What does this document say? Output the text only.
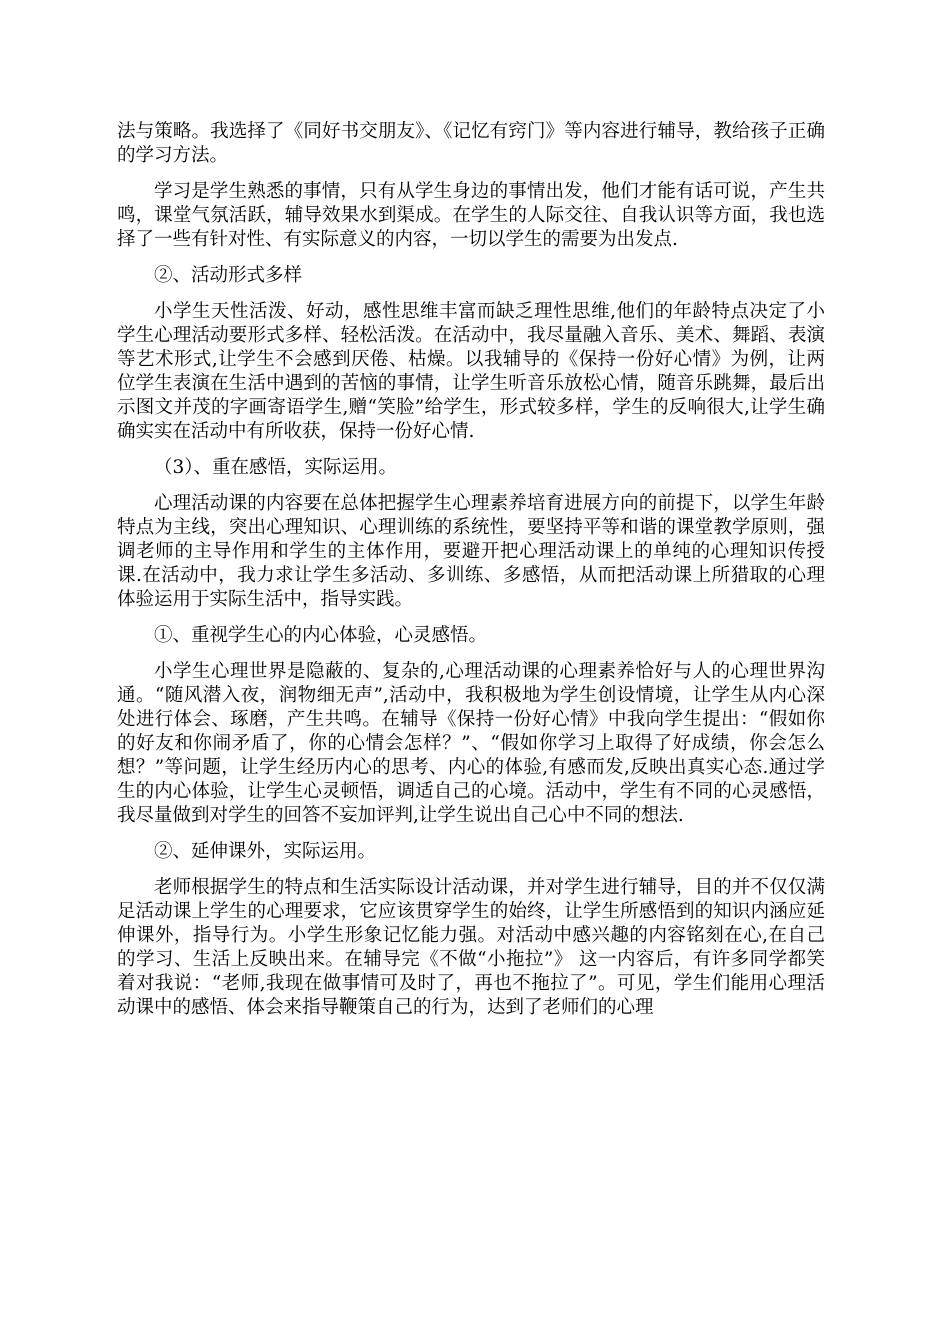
法与策略。我选择了《同好书交朋友》、《记忆有窍门》等内容进行辅导，教给孩子正确的学习方法。

学习是学生熟悉的事情，只有从学生身边的事情出发，他们才能有话可说，产生共鸣，课堂气氛活跃，辅导效果水到渠成。在学生的人际交往、自我认识等方面，我也选择了一些有针对性、有实际意义的内容，一切以学生的需要为出发点.

②、活动形式多样

小学生天性活泼、好动，感性思维丰富而缺乏理性思维,他们的年龄特点决定了小学生心理活动要形式多样、轻松活泼。在活动中，我尽量融入音乐、美术、舞蹈、表演等艺术形式,让学生不会感到厌倦、枯燥。以我辅导的《保持一份好心情》为例，让两位学生表演在生活中遇到的苦恼的事情，让学生听音乐放松心情，随音乐跳舞，最后出示图文并茂的字画寄语学生,赠“笑脸”给学生，形式较多样，学生的反响很大,让学生确确实实在活动中有所收获，保持一份好心情.

（3）、重在感悟，实际运用。

心理活动课的内容要在总体把握学生心理素养培育进展方向的前提下，以学生年龄特点为主线，突出心理知识、心理训练的系统性，要坚持平等和谐的课堂教学原则，强调老师的主导作用和学生的主体作用，要避开把心理活动课上的单纯的心理知识传授课.在活动中，我力求让学生多活动、多训练、多感悟，从而把活动课上所猎取的心理体验运用于实际生活中，指导实践。

①、重视学生心的内心体验，心灵感悟。

小学生心理世界是隐蔽的、复杂的,心理活动课的心理素养恰好与人的心理世界沟通。“随风潜入夜，润物细无声”,活动中，我积极地为学生创设情境，让学生从内心深处进行体会、琢磨，产生共鸣。在辅导《保持一份好心情》中我向学生提出：“假如你的好友和你闹矛盾了，你的心情会怎样？”、“假如你学习上取得了好成绩，你会怎么想？”等问题，让学生经历内心的思考、内心的体验,有感而发,反映出真实心态.通过学生的内心体验，让学生心灵顿悟，调适自己的心境。活动中，学生有不同的心灵感悟，我尽量做到对学生的回答不妄加评判,让学生说出自己心中不同的想法.

②、延伸课外，实际运用。

老师根据学生的特点和生活实际设计活动课，并对学生进行辅导，目的并不仅仅满足活动课上学生的心理要求，它应该贯穿学生的始终，让学生所感悟到的知识内涵应延伸课外，指导行为。小学生形象记忆能力强。对活动中感兴趣的内容铭刻在心,在自己的学习、生活上反映出来。在辅导完《不做“小拖拉”》 这一内容后，有许多同学都笑着对我说：“老师,我现在做事情可及时了，再也不拖拉了”。可见，学生们能用心理活动课中的感悟、体会来指导鞭策自己的行为，达到了老师们的心理
